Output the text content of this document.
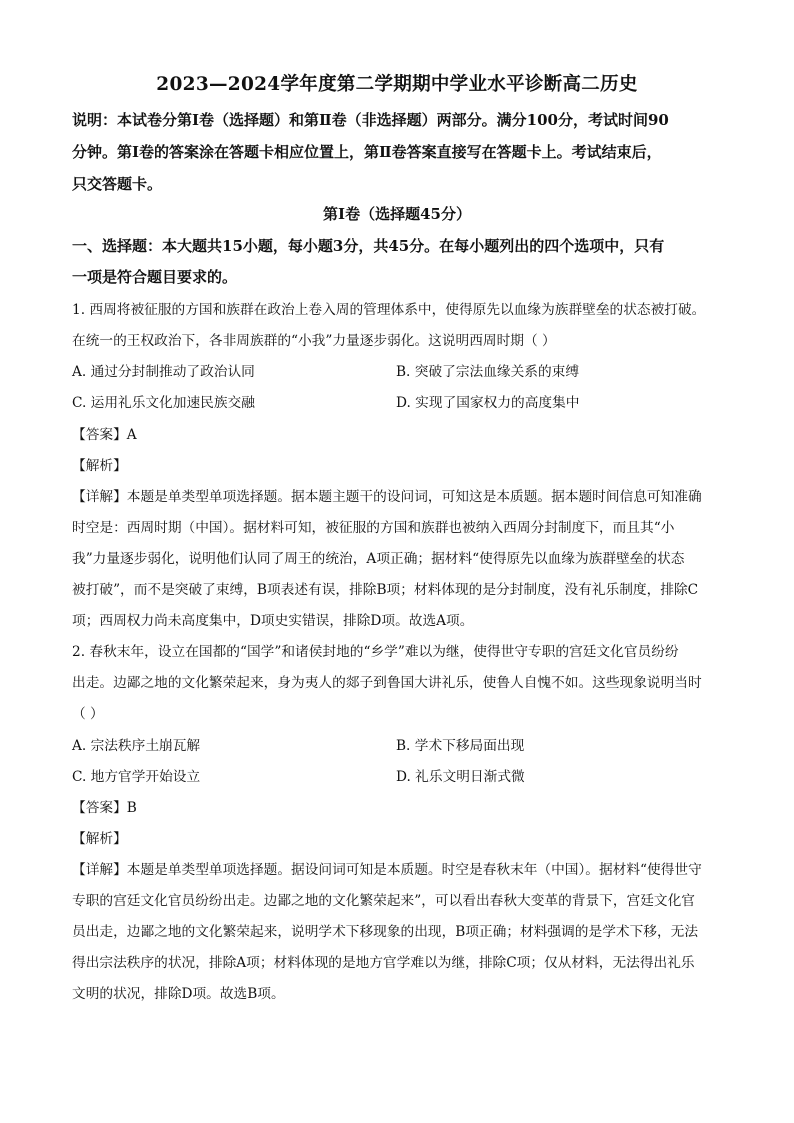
2023—2024学年度第二学期期中学业水平诊断高二历史
说明：本试卷分第Ⅰ卷（选择题）和第Ⅱ卷（非选择题）两部分。满分100分，考试时间90
分钟。第Ⅰ卷的答案涂在答题卡相应位置上，第Ⅱ卷答案直接写在答题卡上。考试结束后，
只交答题卡。
第Ⅰ卷（选择题45分）
一、选择题：本大题共15小题，每小题3分，共45分。在每小题列出的四个选项中，只有
一项是符合题目要求的。
1. 西周将被征服的方国和族群在政治上卷入周的管理体系中，使得原先以血缘为族群壁垒的状态被打破。
在统一的王权政治下，各非周族群的“小我”力量逐步弱化。这说明西周时期（ ）
A. 通过分封制推动了政治认同	B. 突破了宗法血缘关系的束缚
C. 运用礼乐文化加速民族交融	D. 实现了国家权力的高度集中
【答案】A
【解析】
【详解】本题是单类型单项选择题。据本题主题干的设问词，可知这是本质题。据本题时间信息可知准确
时空是：西周时期（中国）。据材料可知，被征服的方国和族群也被纳入西周分封制度下，而且其“小
我”力量逐步弱化，说明他们认同了周王的统治，A项正确；据材料“使得原先以血缘为族群壁垒的状态
被打破”，而不是突破了束缚，B项表述有误，排除B项；材料体现的是分封制度，没有礼乐制度，排除C
项；西周权力尚未高度集中，D项史实错误，排除D项。故选A项。
2. 春秋末年，设立在国都的“国学”和诸侯封地的“乡学”难以为继，使得世守专职的宫廷文化官员纷纷
出走。边鄙之地的文化繁荣起来，身为夷人的郯子到鲁国大讲礼乐，使鲁人自愧不如。这些现象说明当时
（ ）
A. 宗法秩序土崩瓦解	B. 学术下移局面出现
C. 地方官学开始设立	D. 礼乐文明日渐式微
【答案】B
【解析】
【详解】本题是单类型单项选择题。据设问词可知是本质题。时空是春秋末年（中国）。据材料“使得世守
专职的宫廷文化官员纷纷出走。边鄙之地的文化繁荣起来”，可以看出春秋大变革的背景下，宫廷文化官
员出走，边鄙之地的文化繁荣起来，说明学术下移现象的出现，B项正确；材料强调的是学术下移，无法
得出宗法秩序的状况，排除A项；材料体现的是地方官学难以为继，排除C项；仅从材料，无法得出礼乐
文明的状况，排除D项。故选B项。
